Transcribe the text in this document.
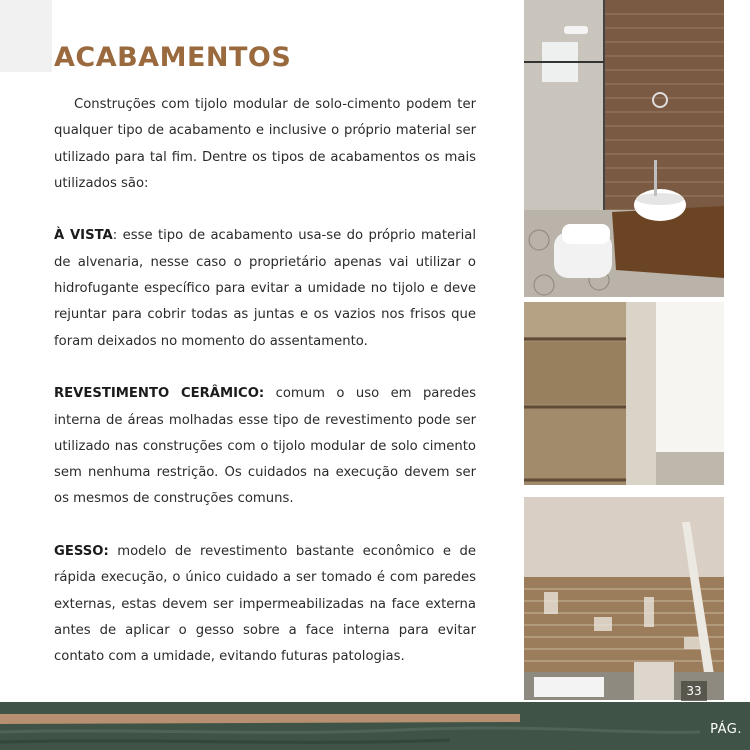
ACABAMENTOS

Construções com tijolo modular de solo-cimento podem ter qualquer tipo de acabamento e inclusive o próprio material ser utilizado para tal fim. Dentre os tipos de acabamentos os mais utilizados são:

À VISTA: esse tipo de acabamento usa-se do próprio material de alvenaria, nesse caso o proprietário apenas vai utilizar o hidrofugante específico para evitar a umidade no tijolo e deve rejuntar para cobrir todas as juntas e os vazios nos frisos que foram deixados no momento do assentamento.

REVESTIMENTO CERÂMICO: comum o uso em paredes interna de áreas molhadas esse tipo de revestimento pode ser utilizado nas construções com o tijolo modular de solo cimento sem nenhuma restrição. Os cuidados na execução devem ser os mesmos de construções comuns.

GESSO: modelo de revestimento bastante econômico e de rápida execução, o único cuidado a ser tomado é com paredes externas, estas devem ser impermeabilizadas na face externa antes de aplicar o gesso sobre a face interna para evitar contato com a umidade, evitando futuras patologias.

33
PÁG.
